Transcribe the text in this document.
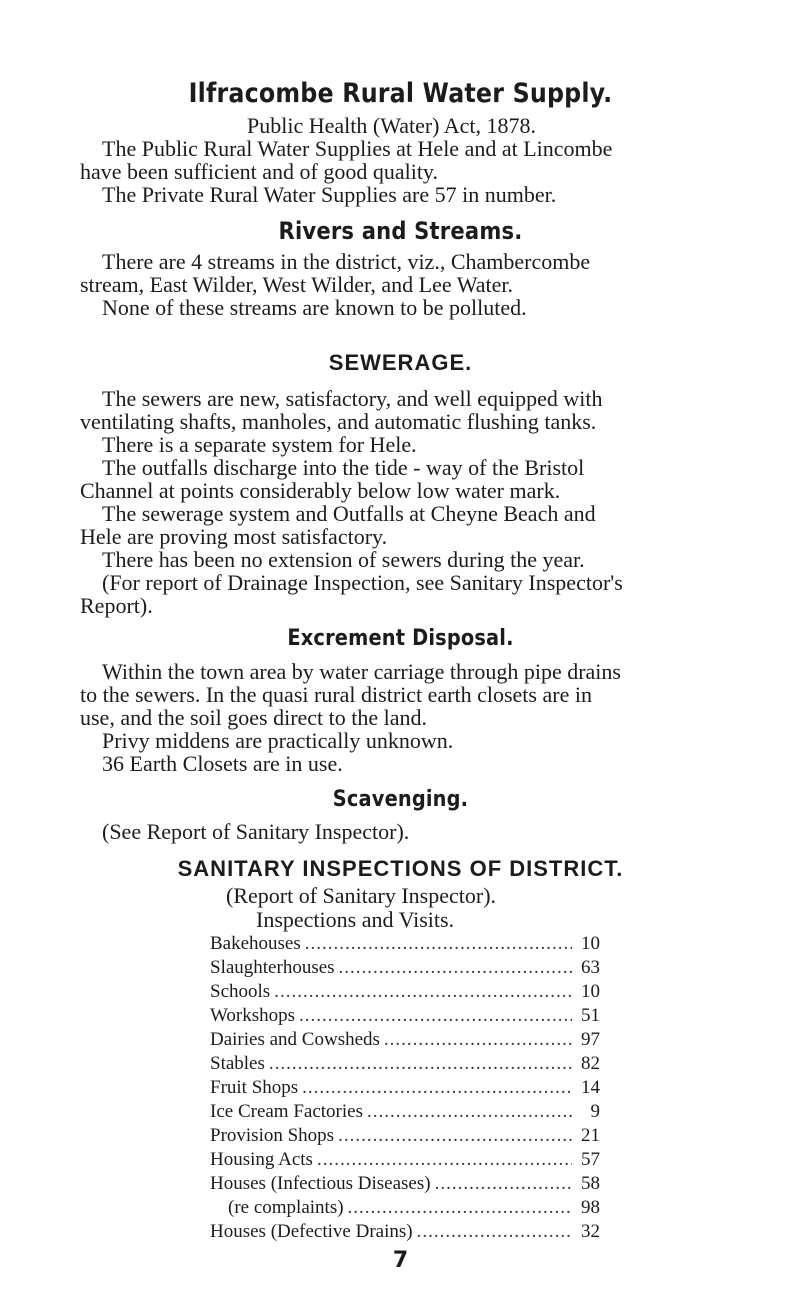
Ilfracombe Rural Water Supply.

Public Health (Water) Act, 1878.

The Public Rural Water Supplies at Hele and at Lincombe

have been sufficient and of good quality.

The Private Rural Water Supplies are 57 in number.

Rivers and Streams.

There are 4 streams in the district, viz., Chambercombe

stream, East Wilder, West Wilder, and Lee Water.

None of these streams are known to be polluted.

SEWERAGE.

The sewers are new, satisfactory, and well equipped with

ventilating shafts, manholes, and automatic flushing tanks.

There is a separate system for Hele.

The outfalls discharge into the tide - way of the Bristol

Channel at points considerably below low water mark.

The sewerage system and Outfalls at Cheyne Beach and

Hele are proving most satisfactory.

There has been no extension of sewers during the year.

(For report of Drainage Inspection, see Sanitary Inspector's

Report).

Excrement Disposal.

Within the town area by water carriage through pipe drains

to the sewers. In the quasi rural district earth closets are in

use, and the soil goes direct to the land.

Privy middens are practically unknown.

36 Earth Closets are in use.

Scavenging.

(See Report of Sanitary Inspector).

SANITARY INSPECTIONS OF DISTRICT.

(Report of Sanitary Inspector).

Inspections and Visits.

Bakehouses .....	10
Slaughterhouses .....	63
Schools .....	10
Workshops .....	51
Dairies and Cowsheds .....	97
Stables .....	82
Fruit Shops .....	14
Ice Cream Factories .....	9
Provision Shops .....	21
Housing Acts .....	57
Houses (Infectious Diseases) .....	58
(re complaints) .....	98
Houses (Defective Drains) .....	32
7
